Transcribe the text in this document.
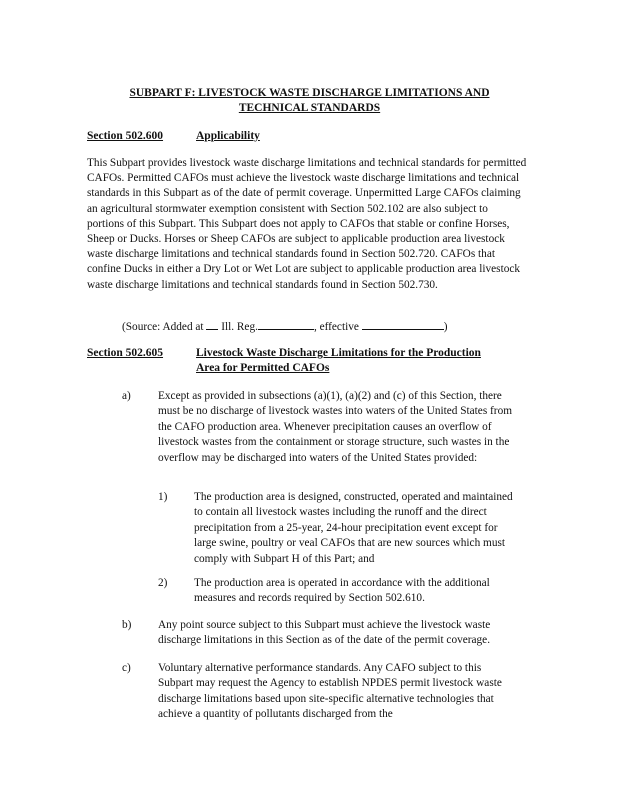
SUBPART F: LIVESTOCK WASTE DISCHARGE LIMITATIONS AND
TECHNICAL STANDARDS
Section 502.600	Applicability

This Subpart provides livestock waste discharge limitations and technical standards for permitted CAFOs. Permitted CAFOs must achieve the livestock waste discharge limitations and technical standards in this Subpart as of the date of permit coverage. Unpermitted Large CAFOs claiming an agricultural stormwater exemption consistent with Section 502.102 are also subject to portions of this Subpart. This Subpart does not apply to CAFOs that stable or confine Horses, Sheep or Ducks. Horses or Sheep CAFOs are subject to applicable production area livestock waste discharge limitations and technical standards found in Section 502.720. CAFOs that confine Ducks in either a Dry Lot or Wet Lot are subject to applicable production area livestock waste discharge limitations and technical standards found in Section 502.730.

(Source: Added at  Ill. Reg.	, effective	)
Section 502.605	Livestock Waste Discharge Limitations for the Production
Area for Permitted CAFOs
a) Except as provided in subsections (a)(1), (a)(2) and (c) of this Section, there must be no discharge of livestock wastes into waters of the United States from the CAFO production area. Whenever precipitation causes an overflow of livestock wastes from the containment or storage structure, such wastes in the overflow may be discharged into waters of the United States provided:
1) The production area is designed, constructed, operated and maintained to contain all livestock wastes including the runoff and the direct precipitation from a 25-year, 24-hour precipitation event except for large swine, poultry or veal CAFOs that are new sources which must comply with Subpart H of this Part; and
2) The production area is operated in accordance with the additional measures and records required by Section 502.610.
b) Any point source subject to this Subpart must achieve the livestock waste discharge limitations in this Section as of the date of the permit coverage.
c) Voluntary alternative performance standards. Any CAFO subject to this Subpart may request the Agency to establish NPDES permit livestock waste discharge limitations based upon site-specific alternative technologies that achieve a quantity of pollutants discharged from the
